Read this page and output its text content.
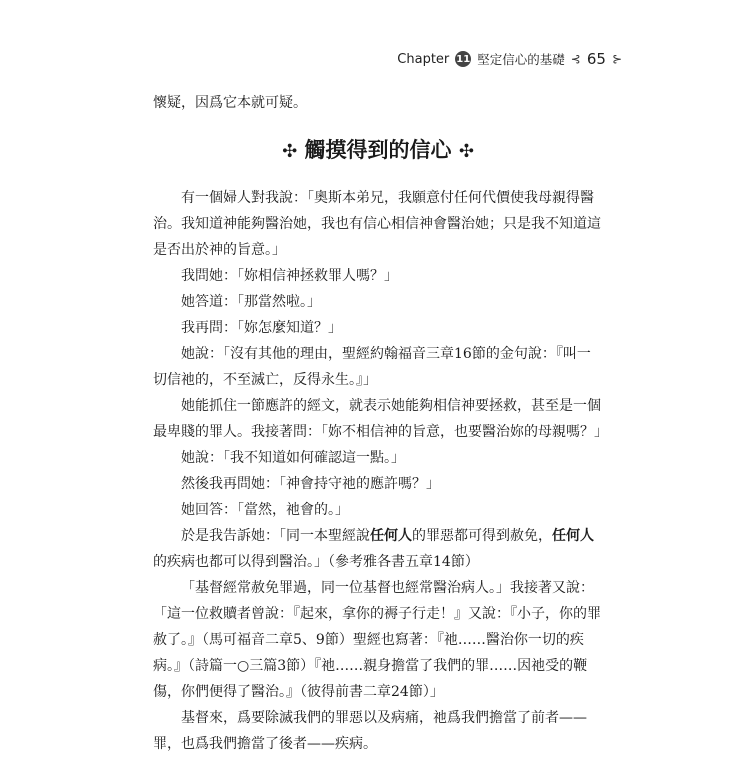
Chapter 11 堅定信心的基礎 ⊰ 65 ⊱

懷疑，因爲它本就可疑。

✣ 觸摸得到的信心 ✣

有一個婦人對我說：「奧斯本弟兄，我願意付任何代價使我母親得醫治。我知道神能夠醫治她，我也有信心相信神會醫治她；只是我不知道這是否出於神的旨意。」

我問她：「妳相信神拯救罪人嗎？」

她答道：「那當然啦。」

我再問：「妳怎麼知道？」

她說：「沒有其他的理由，聖經約翰福音三章16節的金句說：『叫一切信祂的，不至滅亡，反得永生。』」

她能抓住一節應許的經文，就表示她能夠相信神要拯救，甚至是一個最卑賤的罪人。我接著問：「妳不相信神的旨意，也要醫治妳的母親嗎？」

她說：「我不知道如何確認這一點。」

然後我再問她：「神會持守祂的應許嗎？」

她回答：「當然，祂會的。」

於是我告訴她：「同一本聖經說任何人的罪惡都可得到赦免，任何人的疾病也都可以得到醫治。」（參考雅各書五章14節）

「基督經常赦免罪過，同一位基督也經常醫治病人。」我接著又說：「這一位救贖者曾說：『起來，拿你的褥子行走！』又說：『小子，你的罪赦了。』（馬可福音二章5、9節）聖經也寫著：『祂……醫治你一切的疾病。』（詩篇一○三篇3節）『祂……親身擔當了我們的罪……因祂受的鞭傷，你們便得了醫治。』（彼得前書二章24節）」

基督來，爲要除滅我們的罪惡以及病痛，祂爲我們擔當了前者——罪，也爲我們擔當了後者——疾病。
